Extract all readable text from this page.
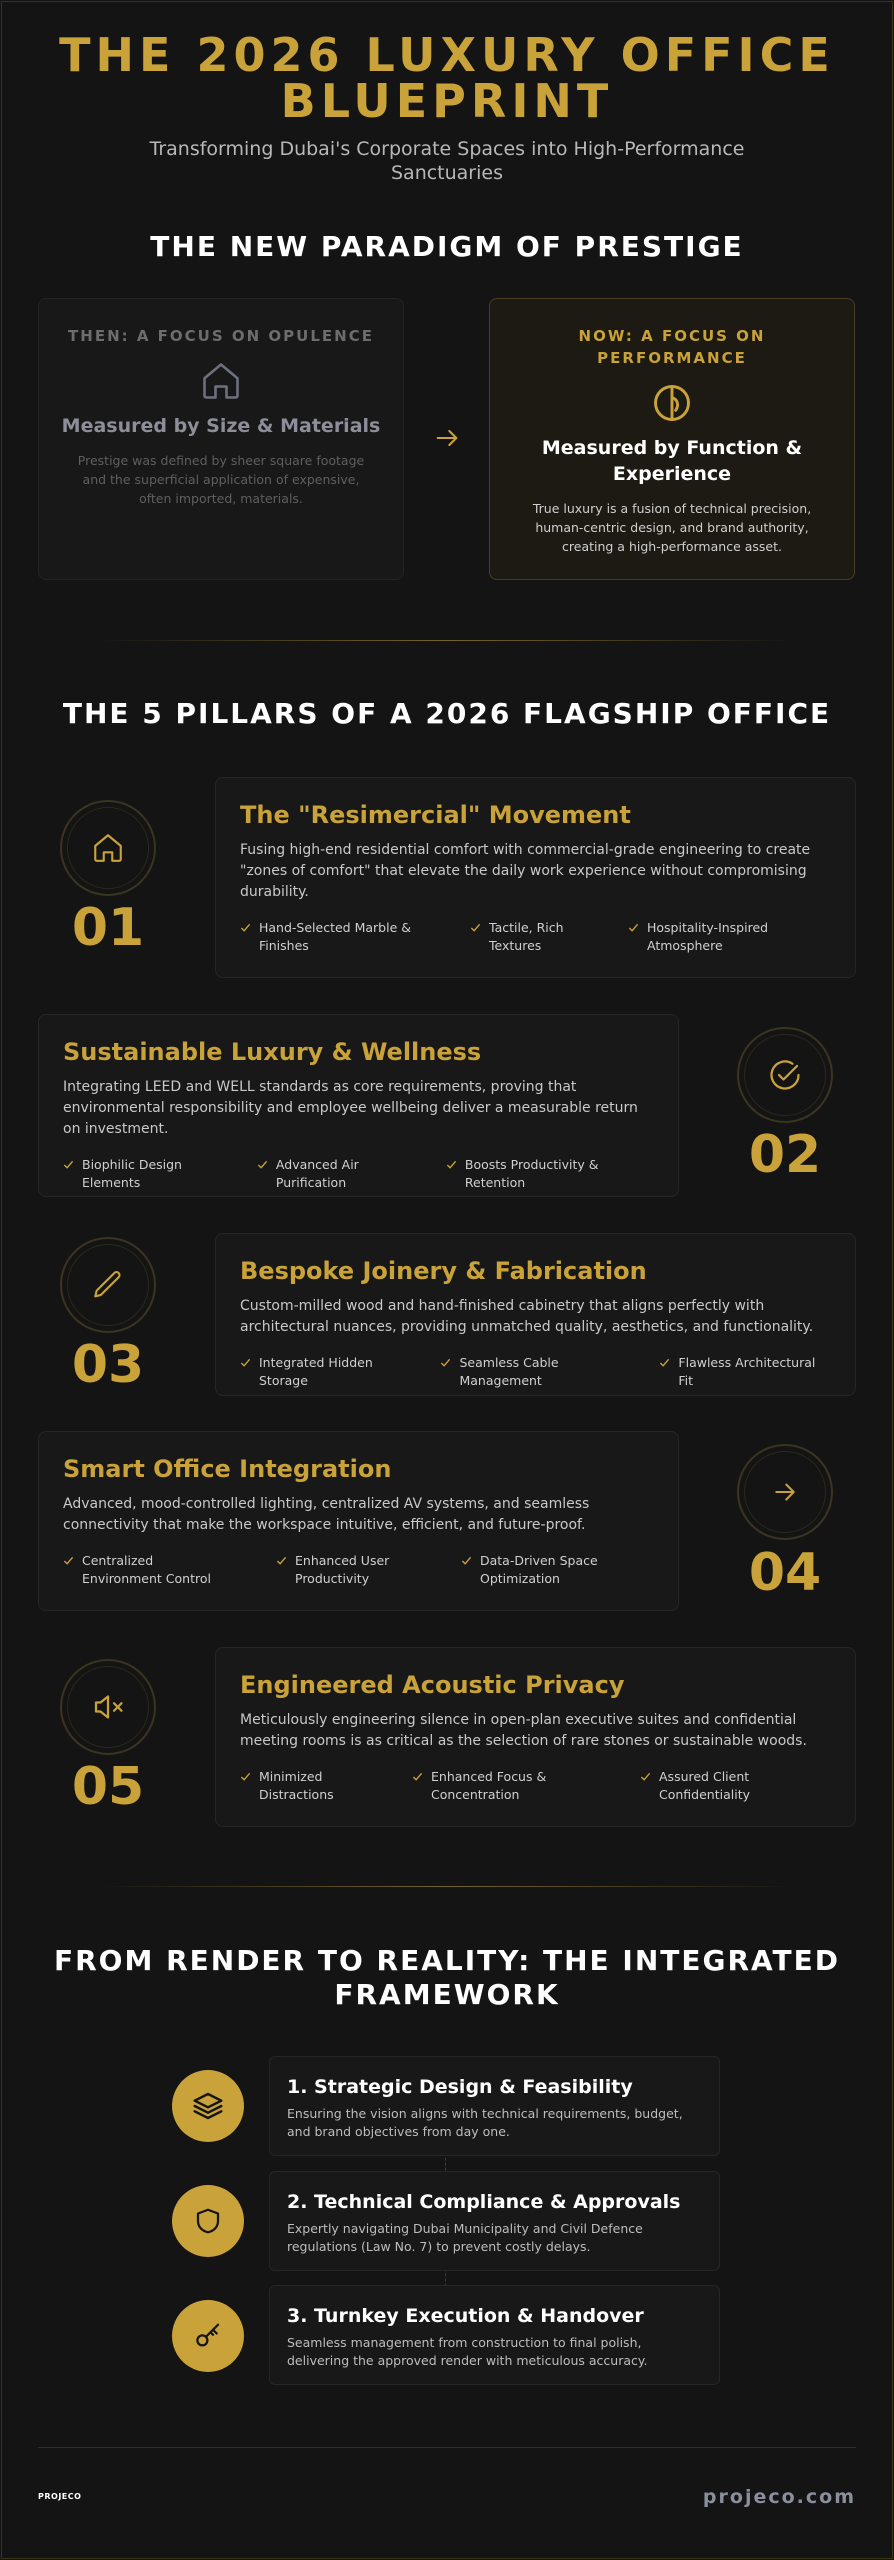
THE 2026 LUXURY OFFICE
BLUEPRINT
Transforming Dubai's Corporate Spaces into High-Performance
Sanctuaries
THE NEW PARADIGM OF PRESTIGE
THEN: A FOCUS ON OPULENCE
Measured by Size & Materials
Prestige was defined by sheer square footage and the superficial application of expensive, often imported, materials.
NOW: A FOCUS ON PERFORMANCE
Measured by Function & Experience
True luxury is a fusion of technical precision, human-centric design, and brand authority, creating a high-performance asset.
THE 5 PILLARS OF A 2026 FLAGSHIP OFFICE
01
The "Resimercial" Movement
Fusing high-end residential comfort with commercial-grade engineering to create "zones of comfort" that elevate the daily work experience without compromising durability.
Hand-Selected Marble & Finishes
Tactile, Rich Textures
Hospitality-Inspired Atmosphere
Sustainable Luxury & Wellness
Integrating LEED and WELL standards as core requirements, proving that environmental responsibility and employee wellbeing deliver a measurable return on investment.
Biophilic Design Elements
Advanced Air Purification
Boosts Productivity & Retention	02
03
Bespoke Joinery & Fabrication
Custom-milled wood and hand-finished cabinetry that aligns perfectly with architectural nuances, providing unmatched quality, aesthetics, and functionality.
Integrated Hidden Storage
Seamless Cable Management
Flawless Architectural Fit
Smart Office Integration
Advanced, mood-controlled lighting, centralized AV systems, and seamless connectivity that make the workspace intuitive, efficient, and future-proof.
Centralized Environment Control
Enhanced User Productivity
Data-Driven Space Optimization	04
05
Engineered Acoustic Privacy
Meticulously engineering silence in open-plan executive suites and confidential meeting rooms is as critical as the selection of rare stones or sustainable woods.
Minimized Distractions
Enhanced Focus & Concentration
Assured Client Confidentiality
FROM RENDER TO REALITY: THE INTEGRATED
FRAMEWORK
1. Strategic Design & Feasibility
Ensuring the vision aligns with technical requirements, budget, and brand objectives from day one.
2. Technical Compliance & Approvals
Expertly navigating Dubai Municipality and Civil Defence regulations (Law No. 7) to prevent costly delays.
3. Turnkey Execution & Handover
Seamless management from construction to final polish, delivering the approved render with meticulous accuracy.
PROJECO	projeco.com
